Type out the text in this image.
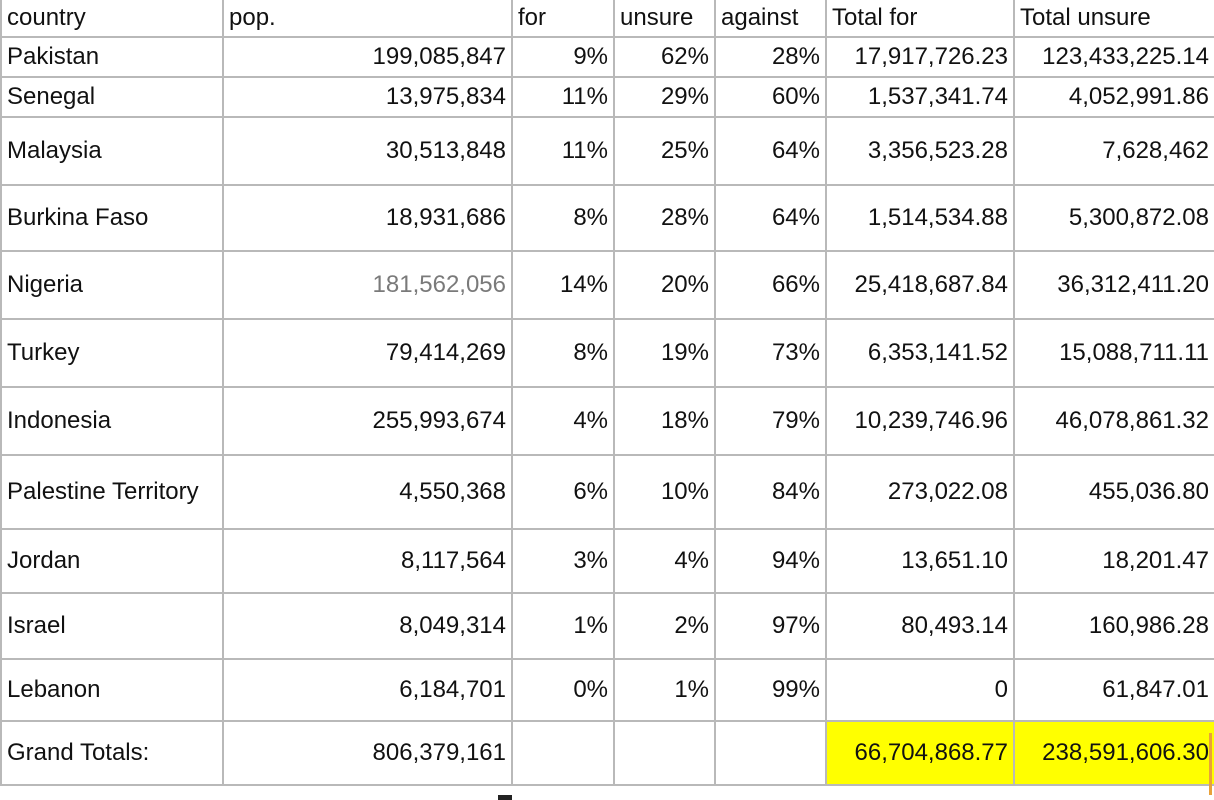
country	pop.	for	unsure	against	Total for	Total unsure
Pakistan	199,085,847	9%	62%	28%	17,917,726.23	123,433,225.14
Senegal	13,975,834	11%	29%	60%	1,537,341.74	4,052,991.86
Malaysia	30,513,848	11%	25%	64%	3,356,523.28	7,628,462
Burkina Faso	18,931,686	8%	28%	64%	1,514,534.88	5,300,872.08
Nigeria	181,562,056	14%	20%	66%	25,418,687.84	36,312,411.20
Turkey	79,414,269	8%	19%	73%	6,353,141.52	15,088,711.11
Indonesia	255,993,674	4%	18%	79%	10,239,746.96	46,078,861.32
Palestine Territory	4,550,368	6%	10%	84%	273,022.08	455,036.80
Jordan	8,117,564	3%	4%	94%	13,651.10	18,201.47
Israel	8,049,314	1%	2%	97%	80,493.14	160,986.28
Lebanon	6,184,701	0%	1%	99%	0	61,847.01
Grand Totals:	806,379,161				66,704,868.77	238,591,606.30
